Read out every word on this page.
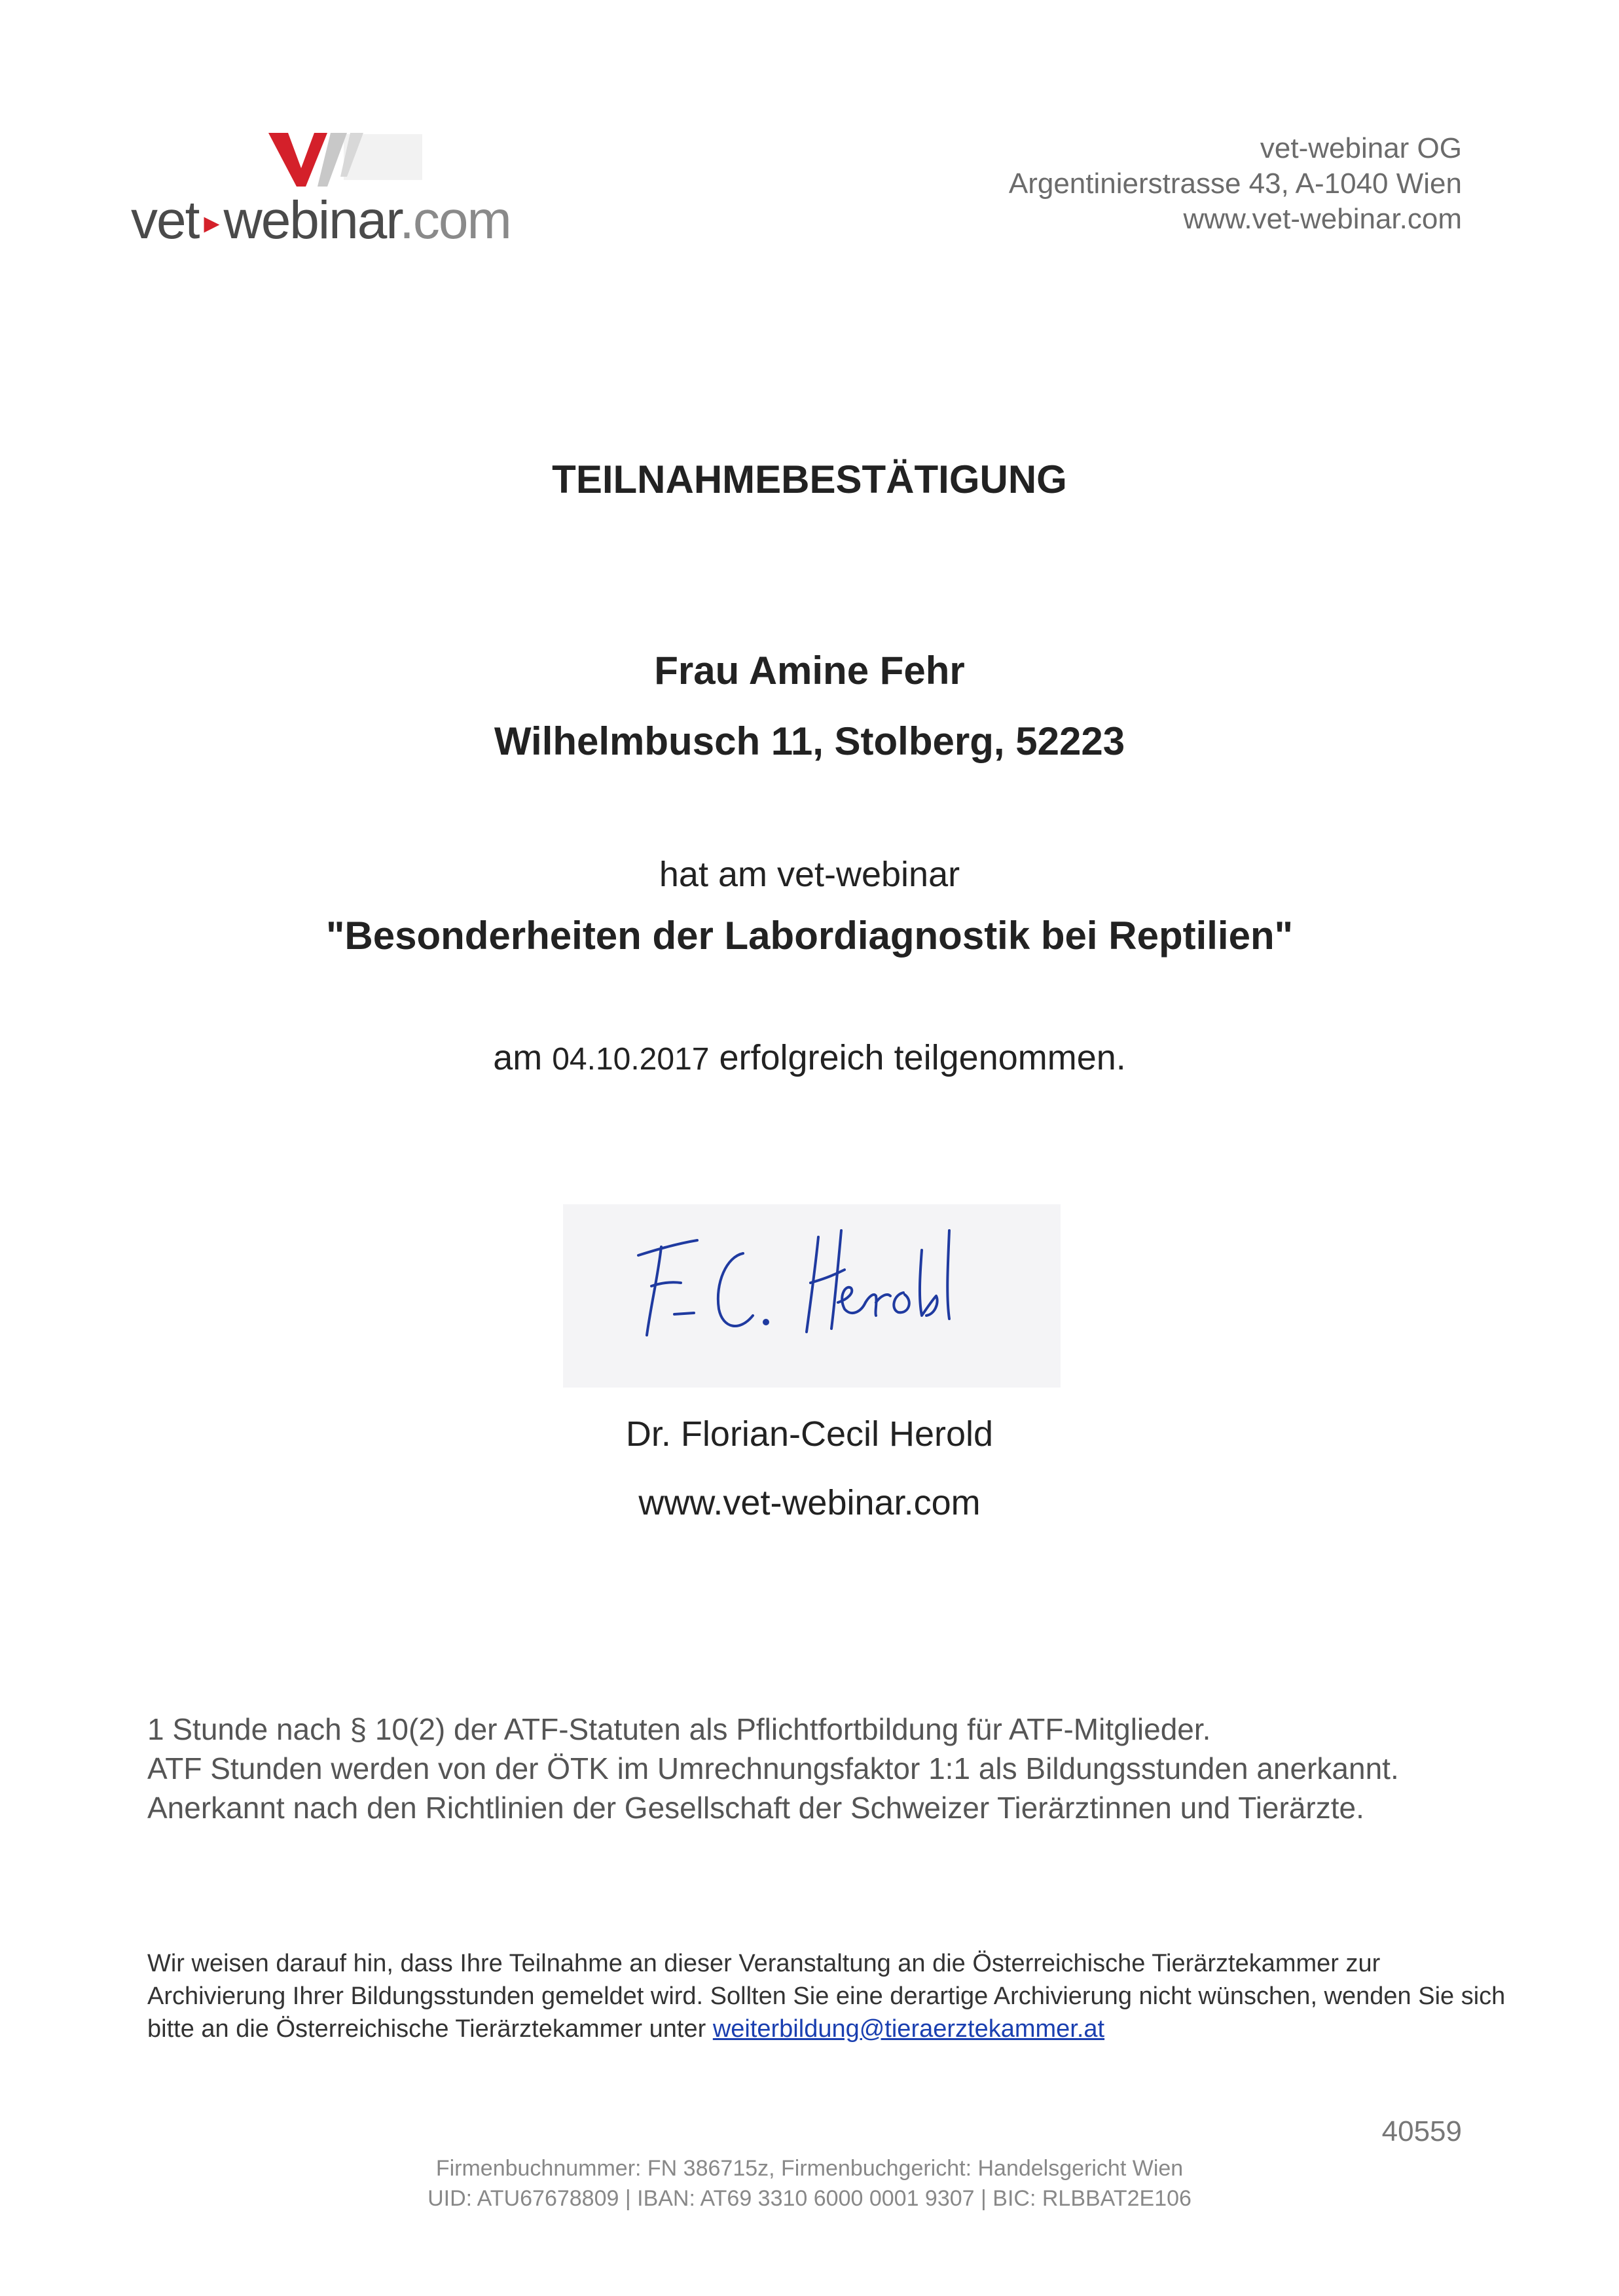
vet ▸webinar.com
vet-webinar OG
Argentinierstrasse 43, A-1040 Wien
www.vet-webinar.com
TEILNAHMEBESTÄTIGUNG
Frau Amine Fehr
Wilhelmbusch 11, Stolberg, 52223
hat am vet-webinar
"Besonderheiten der Labordiagnostik bei Reptilien"
am 04.10.2017 erfolgreich teilgenommen.
F.-C. Herold
Dr. Florian-Cecil Herold
www.vet-webinar.com

1 Stunde nach § 10(2) der ATF-Statuten als Pflichtfortbildung für ATF-Mitglieder.

ATF Stunden werden von der ÖTK im Umrechnungsfaktor 1:1 als Bildungsstunden anerkannt.

Anerkannt nach den Richtlinien der Gesellschaft der Schweizer Tierärztinnen und Tierärzte.

Wir weisen darauf hin, dass Ihre Teilnahme an dieser Veranstaltung an die Österreichische Tierärztekammer zur Archivierung Ihrer Bildungsstunden gemeldet wird. Sollten Sie eine derartige Archivierung nicht wünschen, wenden Sie sich bitte an die Österreichische Tierärztekammer unter weiterbildung@tieraerztekammer.at
40559
Firmenbuchnummer: FN 386715z, Firmenbuchgericht: Handelsgericht Wien
UID: ATU67678809 | IBAN: AT69 3310 6000 0001 9307 | BIC: RLBBAT2E106
